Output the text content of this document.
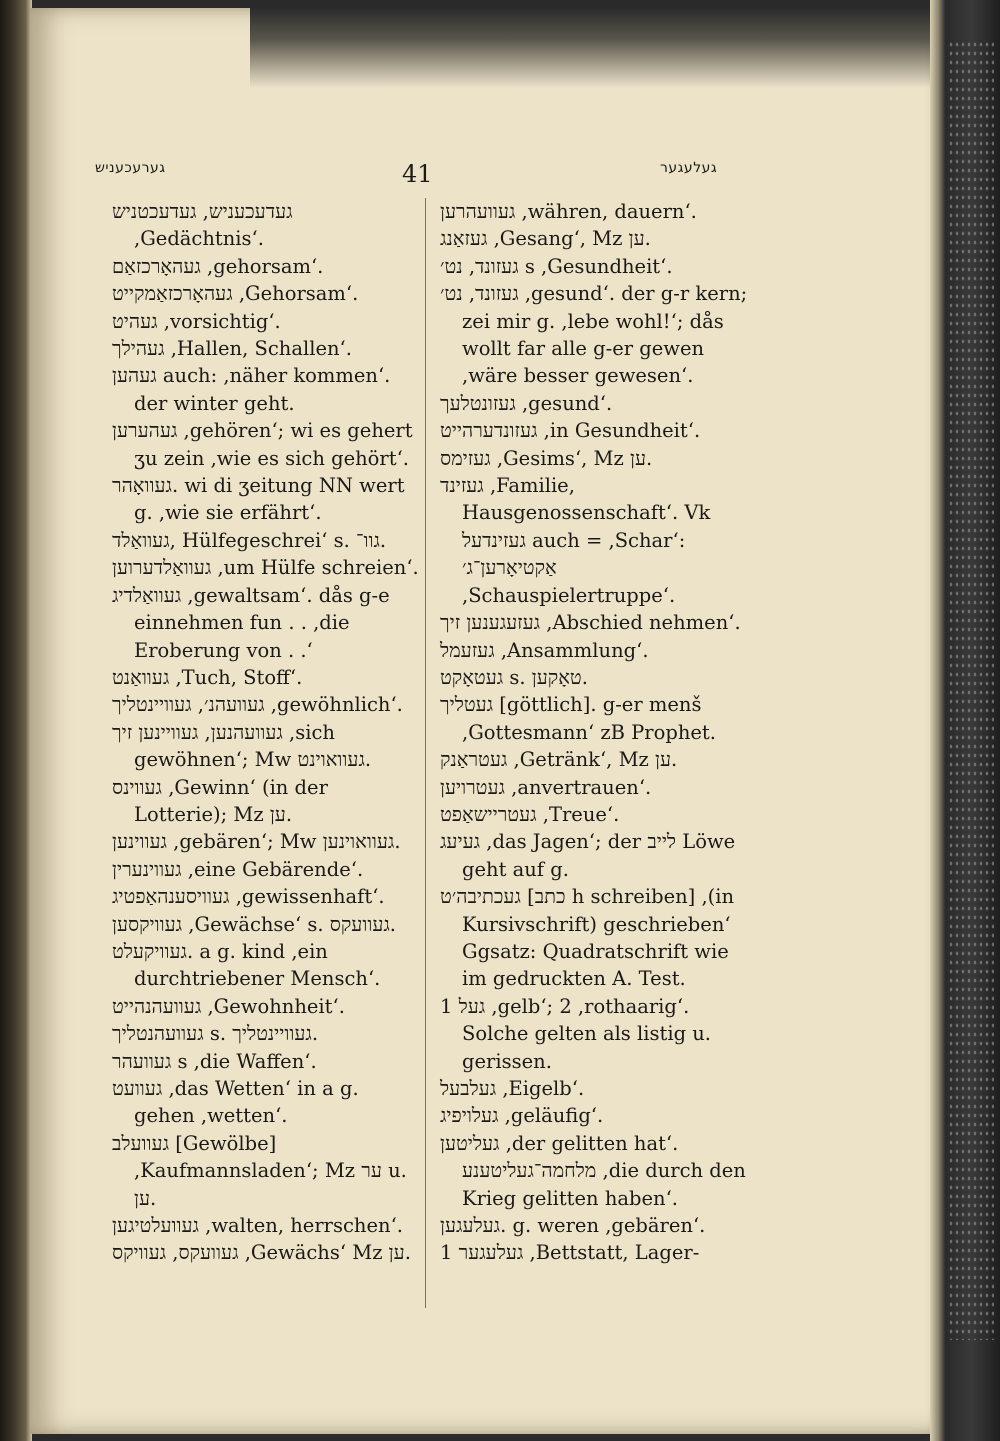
גערעכעניש	41	געלעגער

געדעכעניש, געדעכטניש ,Gedächtnis‘.

געהאָרכזאַם ,gehorsam‘.

געהאָרכזאַמקייט ,Gehorsam‘.

געהיט ,vorsichtig‘.

געהילך ,Hallen, Schallen‘.

געהען auch: ,näher kommen‘. der winter geht.

געהערען ,gehören‘; wi es gehert ʒu zein ,wie es sich gehört‘.

געוואָהר. wi di ʒeitung NN wert g. ,wie sie erfährt‘.

געוואַלד, Hülfegeschrei‘ s. גוו־.

געוואַלדערוען ,um Hülfe schreien‘.

געוואַלדיג ,gewaltsam‘. dås g-e einnehmen fun . . ,die Eroberung von . .‘

געוואַנט ,Tuch, Stoff‘.

געוועהנ׳, געוויינטליך ,gewöhnlich‘.

געוועהנען, געוויינען זיך ,sich gewöhnen‘; Mw געוואוינט.

געווינס ,Gewinn‘ (in der Lotterie); Mz ען.

געווינען ,gebären‘; Mw געוואוינען.

געווינערין ,eine Gebärende‘.

געוויסענהאַפטיג ,gewissenhaft‘.

געוויקסען ,Gewächse‘ s. געוועקס.

געוויקעלט. a g. kind ,ein durchtriebener Mensch‘.

געוועהנהייט ,Gewohnheit‘.

געוועהנטליך s. געוויינטליך.

געוועהר s ,die Waffen‘.

געוועט ,das Wetten‘ in a g. gehen ,wetten‘.

געוועלב [Gewölbe] ,Kaufmannsladen‘; Mz ער u. ען.

געוועלטיגען ,walten, herrschen‘.

געוועקס, געוויקס ,Gewächs‘ Mz ען.

געוועהרען ,währen, dauern‘.

געזאַנג ,Gesang‘, Mz ען.

געזונד, נט׳ s ,Gesundheit‘.

געזונד, נט׳ ,gesund‘. der g-r kern; zei mir g. ,lebe wohl!‘; dås wollt far alle g-er gewen ,wäre besser gewesen‘.

געזונטלעך ,gesund‘.

געזונדערהייט ,in Gesundheit‘.

געזימס ,Gesims‘, Mz ען.

געזינד ,Familie, Hausgenossenschaft‘. Vk געזינדעל auch = ,Schar‘: אַקטיאָרען־ג׳ ,Schauspielertruppe‘.

געזעגענען זיך ,Abschied nehmen‘.

געזעמל ,Ansammlung‘.

געטאָקט s. טאָקען.

געטליך [göttlich]. g-er menš ,Gottesmann‘ zB Prophet.

געטראַנק ,Getränk‘, Mz ען.

געטרויען ,anvertrauen‘.

געטריישאַפט ,Treue‘.

געיעג ,das Jagen‘; der לייב Löwe geht auf g.

געכתיבה׳ט [כתב h schreiben] ,(in Kursivschrift) geschrieben‘ Ggsatz: Quadratschrift wie im gedruckten A. Test.

געל 1 ,gelb‘; 2 ,rothaarig‘. Solche gelten als listig u. gerissen.

געלבעל ,Eigelb‘.

געלויפיג ,geläufig‘.

געליטען ,der gelitten hat‘. מלחמה־געליטענע ,die durch den Krieg gelitten haben‘.

געלעגען. g. weren ,gebären‘.

געלעגער 1 ,Bettstatt, Lager-
